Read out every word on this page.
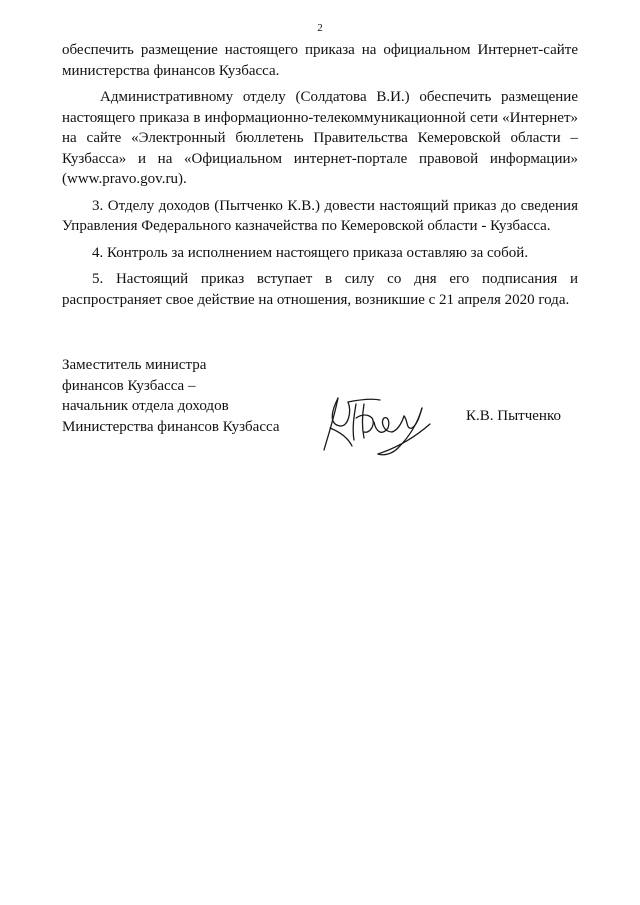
2

обеспечить размещение настоящего приказа на официальном Интернет-сайте министерства финансов Кузбасса.

Административному отделу (Солдатова В.И.) обеспечить размещение настоящего приказа в информационно-телекоммуникационной сети «Интернет» на сайте «Электронный бюллетень Правительства Кемеровской области – Кузбасса» и на «Официальном интернет-портале правовой информации» (www.pravo.gov.ru).

3. Отделу доходов (Пытченко К.В.) довести настоящий приказ до сведения Управления Федерального казначейства по Кемеровской области - Кузбасса.

4. Контроль за исполнением настоящего приказа оставляю за собой.

5. Настоящий приказ вступает в силу со дня его подписания и распространяет свое действие на отношения, возникшие с 21 апреля 2020 года.

Заместитель министра
финансов Кузбасса –
начальник отдела доходов
Министерства финансов Кузбасса
К.В. Пытченко
